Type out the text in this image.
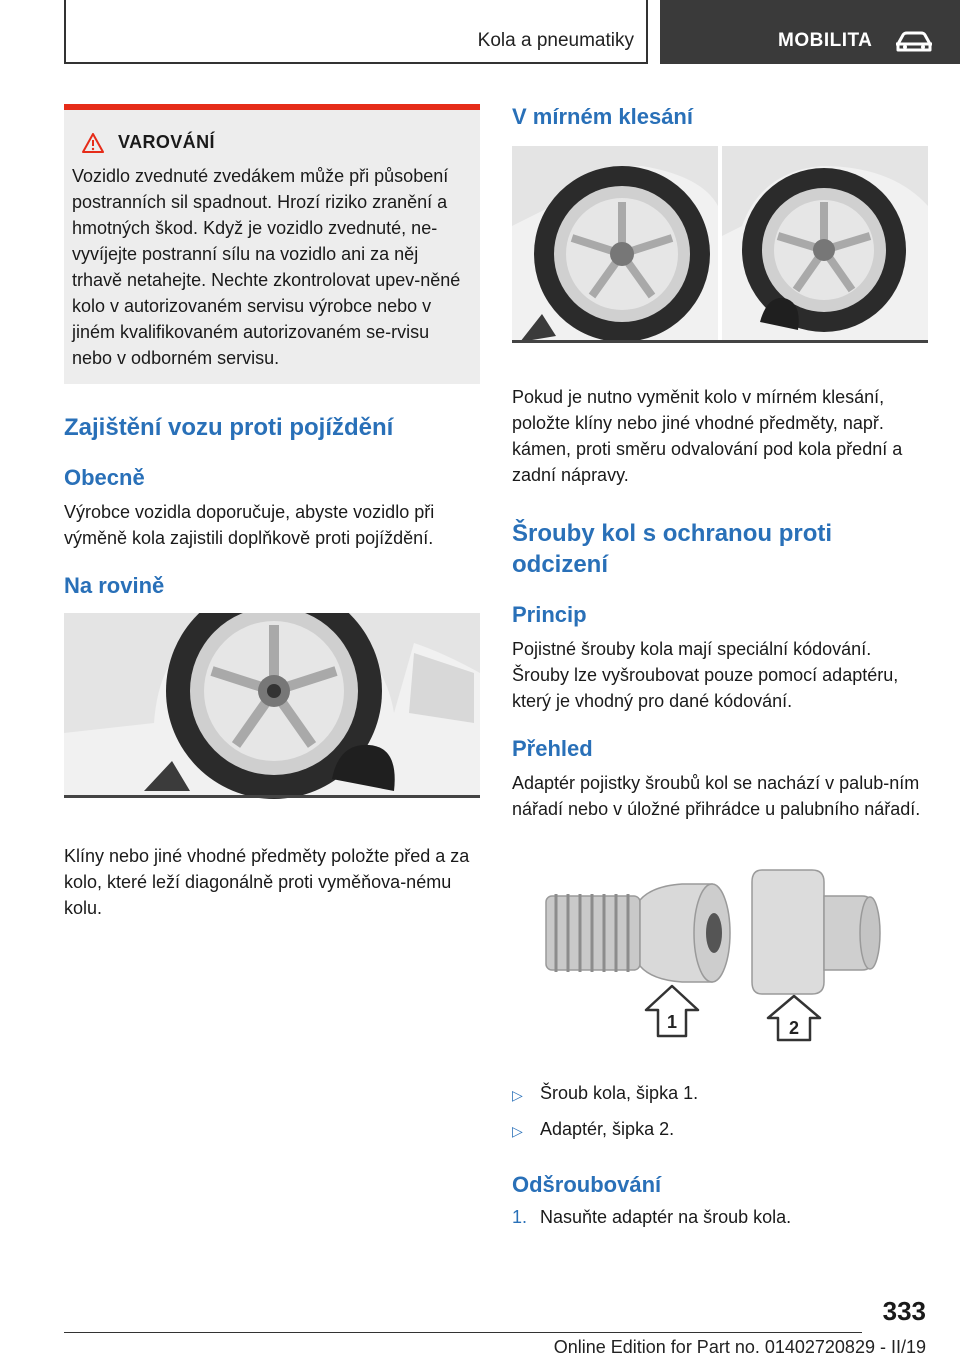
Kola a pneumatiky	MOBILITA
VAROVÁNÍ
Vozidlo zvednuté zvedákem může při působení postranních sil spadnout. Hrozí riziko zranění a hmotných škod. Když je vozidlo zvednuté, ne-vyvíjejte postranní sílu na vozidlo ani za něj trhavě netahejte. Nechte zkontrolovat upev-něné kolo v autorizovaném servisu výrobce nebo v jiném kvalifikovaném autorizovaném se-rvisu nebo v odborném servisu.
Zajištění vozu proti pojíždění
Obecně
Výrobce vozidla doporučuje, abyste vozidlo při výměně kola zajistili doplňkově proti pojíždění.
Na rovině
Klíny nebo jiné vhodné předměty položte před a za kolo, které leží diagonálně proti vyměňova-nému kolu.
V mírném klesání
Pokud je nutno vyměnit kolo v mírném klesání, položte klíny nebo jiné vhodné předměty, např. kámen, proti směru odvalování pod kola přední a zadní nápravy.
Šrouby kol s ochranou proti odcizení
Princip
Pojistné šrouby kola mají speciální kódování. Šrouby lze vyšroubovat pouze pomocí adaptéru, který je vhodný pro dané kódování.
Přehled
Adaptér pojistky šroubů kol se nachází v palub-ním nářadí nebo v úložné přihrádce u palubního nářadí.
1	2
▷ Šroub kola, šipka 1.
▷ Adaptér, šipka 2.
Odšroubování
1. Nasuňte adaptér na šroub kola.
333
Online Edition for Part no. 01402720829 - II/19
